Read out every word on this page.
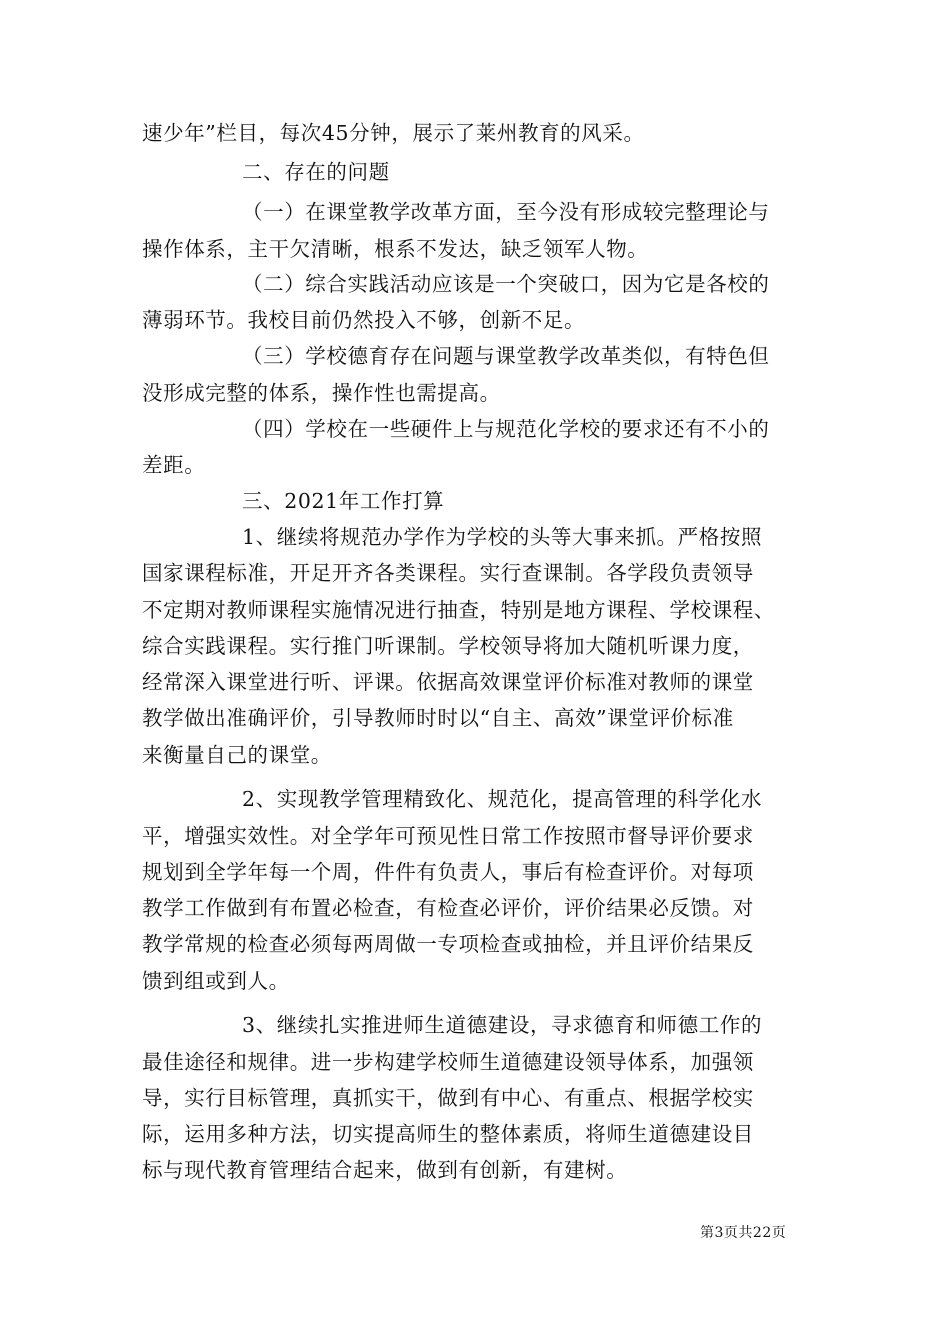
速少年”栏目，每次45分钟，展示了莱州教育的风采。
二、存在的问题
（一）在课堂教学改革方面，至今没有形成较完整理论与
操作体系，主干欠清晰，根系不发达，缺乏领军人物。
（二）综合实践活动应该是一个突破口，因为它是各校的
薄弱环节。我校目前仍然投入不够，创新不足。
（三）学校德育存在问题与课堂教学改革类似，有特色但
没形成完整的体系，操作性也需提高。
（四）学校在一些硬件上与规范化学校的要求还有不小的
差距。
三、2021年工作打算
1、继续将规范办学作为学校的头等大事来抓。严格按照
国家课程标准，开足开齐各类课程。实行查课制。各学段负责领导
不定期对教师课程实施情况进行抽查，特别是地方课程、学校课程、
综合实践课程。实行推门听课制。学校领导将加大随机听课力度，
经常深入课堂进行听、评课。依据高效课堂评价标准对教师的课堂
教学做出准确评价，引导教师时时以“自主、高效”课堂评价标准
来衡量自己的课堂。
2、实现教学管理精致化、规范化，提高管理的科学化水
平，增强实效性。对全学年可预见性日常工作按照市督导评价要求
规划到全学年每一个周，件件有负责人，事后有检查评价。对每项
教学工作做到有布置必检查，有检查必评价，评价结果必反馈。对
教学常规的检查必须每两周做一专项检查或抽检，并且评价结果反
馈到组或到人。
3、继续扎实推进师生道德建设，寻求德育和师德工作的
最佳途径和规律。进一步构建学校师生道德建设领导体系，加强领
导，实行目标管理，真抓实干，做到有中心、有重点、根据学校实
际，运用多种方法，切实提高师生的整体素质，将师生道德建设目
标与现代教育管理结合起来，做到有创新，有建树。
第3页共22页
